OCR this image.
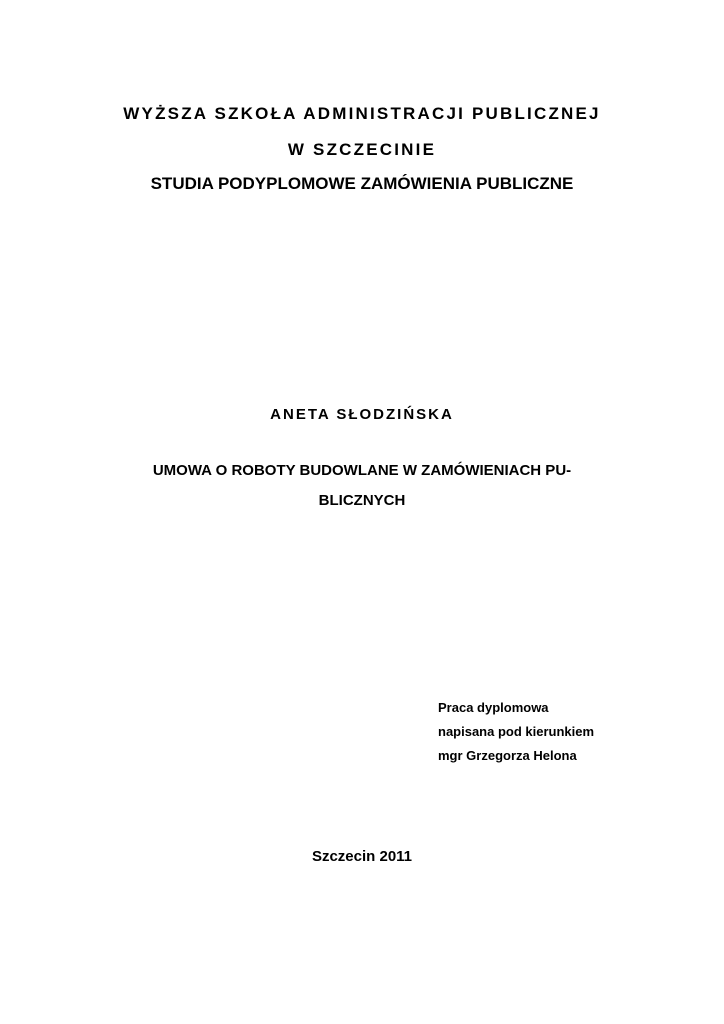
WYŻSZA SZKOŁA ADMINISTRACJI PUBLICZNEJ
W SZCZECINIE
STUDIA PODYPLOMOWE ZAMÓWIENIA PUBLICZNE
ANETA SŁODZIŃSKA
UMOWA O ROBOTY BUDOWLANE W ZAMÓWIENIACH PU-
BLICZNYCH
Praca dyplomowa
napisana pod kierunkiem
mgr Grzegorza Helona
Szczecin 2011
